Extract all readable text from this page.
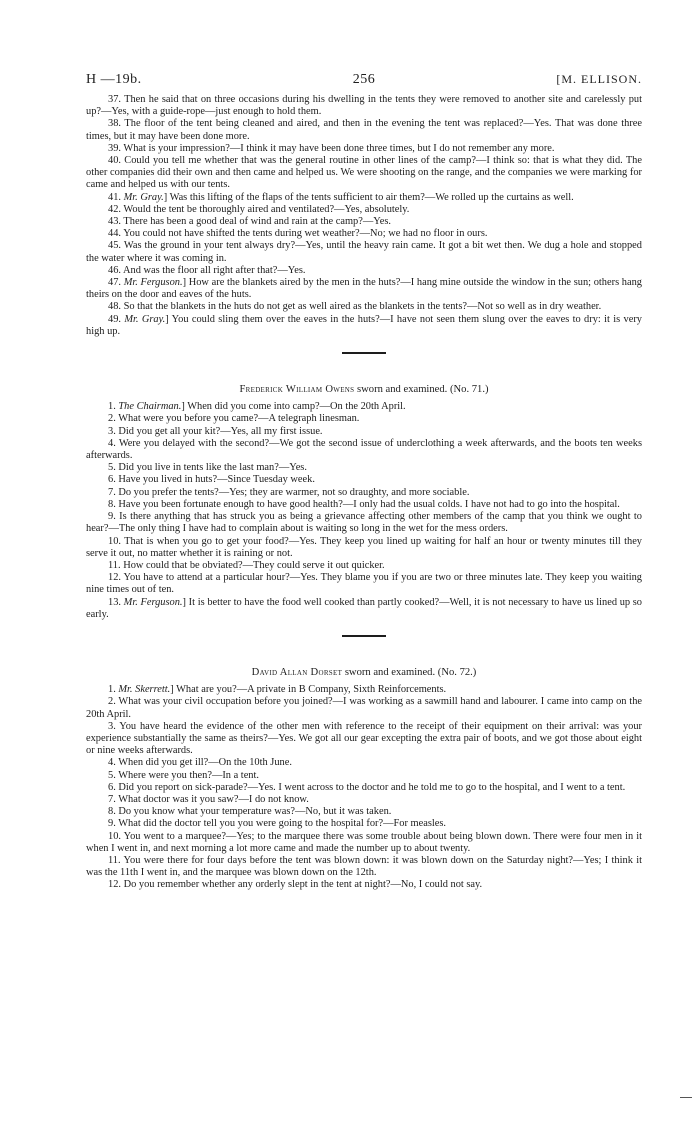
H —19b.	256	[M. ELLISON.

37. Then he said that on three occasions during his dwelling in the tents they were removed to another site and carelessly put up?—Yes, with a guide-rope—just enough to hold them.

38. The floor of the tent being cleaned and aired, and then in the evening the tent was replaced?—Yes. That was done three times, but it may have been done more.

39. What is your impression?—I think it may have been done three times, but I do not remember any more.

40. Could you tell me whether that was the general routine in other lines of the camp?—I think so: that is what they did. The other companies did their own and then came and helped us. We were shooting on the range, and the companies we were marking for came and helped us with our tents.

41. Mr. Gray.] Was this lifting of the flaps of the tents sufficient to air them?—We rolled up the curtains as well.

42. Would the tent be thoroughly aired and ventilated?—Yes, absolutely.

43. There has been a good deal of wind and rain at the camp?—Yes.

44. You could not have shifted the tents during wet weather?—No; we had no floor in ours.

45. Was the ground in your tent always dry?—Yes, until the heavy rain came. It got a bit wet then. We dug a hole and stopped the water where it was coming in.

46. And was the floor all right after that?—Yes.

47. Mr. Ferguson.] How are the blankets aired by the men in the huts?—I hang mine outside the window in the sun; others hang theirs on the door and eaves of the huts.

48. So that the blankets in the huts do not get as well aired as the blankets in the tents?—Not so well as in dry weather.

49. Mr. Gray.] You could sling them over the eaves in the huts?—I have not seen them slung over the eaves to dry: it is very high up.

Frederick William Owens sworn and examined. (No. 71.)

1. The Chairman.] When did you come into camp?—On the 20th April.

2. What were you before you came?—A telegraph linesman.

3. Did you get all your kit?—Yes, all my first issue.

4. Were you delayed with the second?—We got the second issue of underclothing a week afterwards, and the boots ten weeks afterwards.

5. Did you live in tents like the last man?—Yes.

6. Have you lived in huts?—Since Tuesday week.

7. Do you prefer the tents?—Yes; they are warmer, not so draughty, and more sociable.

8. Have you been fortunate enough to have good health?—I only had the usual colds. I have not had to go into the hospital.

9. Is there anything that has struck you as being a grievance affecting other members of the camp that you think we ought to hear?—The only thing I have had to complain about is waiting so long in the wet for the mess orders.

10. That is when you go to get your food?—Yes. They keep you lined up waiting for half an hour or twenty minutes till they serve it out, no matter whether it is raining or not.

11. How could that be obviated?—They could serve it out quicker.

12. You have to attend at a particular hour?—Yes. They blame you if you are two or three minutes late. They keep you waiting nine times out of ten.

13. Mr. Ferguson.] It is better to have the food well cooked than partly cooked?—Well, it is not necessary to have us lined up so early.

David Allan Dorset sworn and examined. (No. 72.)

1. Mr. Skerrett.] What are you?—A private in B Company, Sixth Reinforcements.

2. What was your civil occupation before you joined?—I was working as a sawmill hand and labourer. I came into camp on the 20th April.

3. You have heard the evidence of the other men with reference to the receipt of their equipment on their arrival: was your experience substantially the same as theirs?—Yes. We got all our gear excepting the extra pair of boots, and we got those about eight or nine weeks afterwards.

4. When did you get ill?—On the 10th June.

5. Where were you then?—In a tent.

6. Did you report on sick-parade?—Yes. I went across to the doctor and he told me to go to the hospital, and I went to a tent.

7. What doctor was it you saw?—I do not know.

8. Do you know what your temperature was?—No, but it was taken.

9. What did the doctor tell you you were going to the hospital for?—For measles.

10. You went to a marquee?—Yes; to the marquee there was some trouble about being blown down. There were four men in it when I went in, and next morning a lot more came and made the number up to about twenty.

11. You were there for four days before the tent was blown down: it was blown down on the Saturday night?—Yes; I think it was the 11th I went in, and the marquee was blown down on the 12th.

12. Do you remember whether any orderly slept in the tent at night?—No, I could not say.
